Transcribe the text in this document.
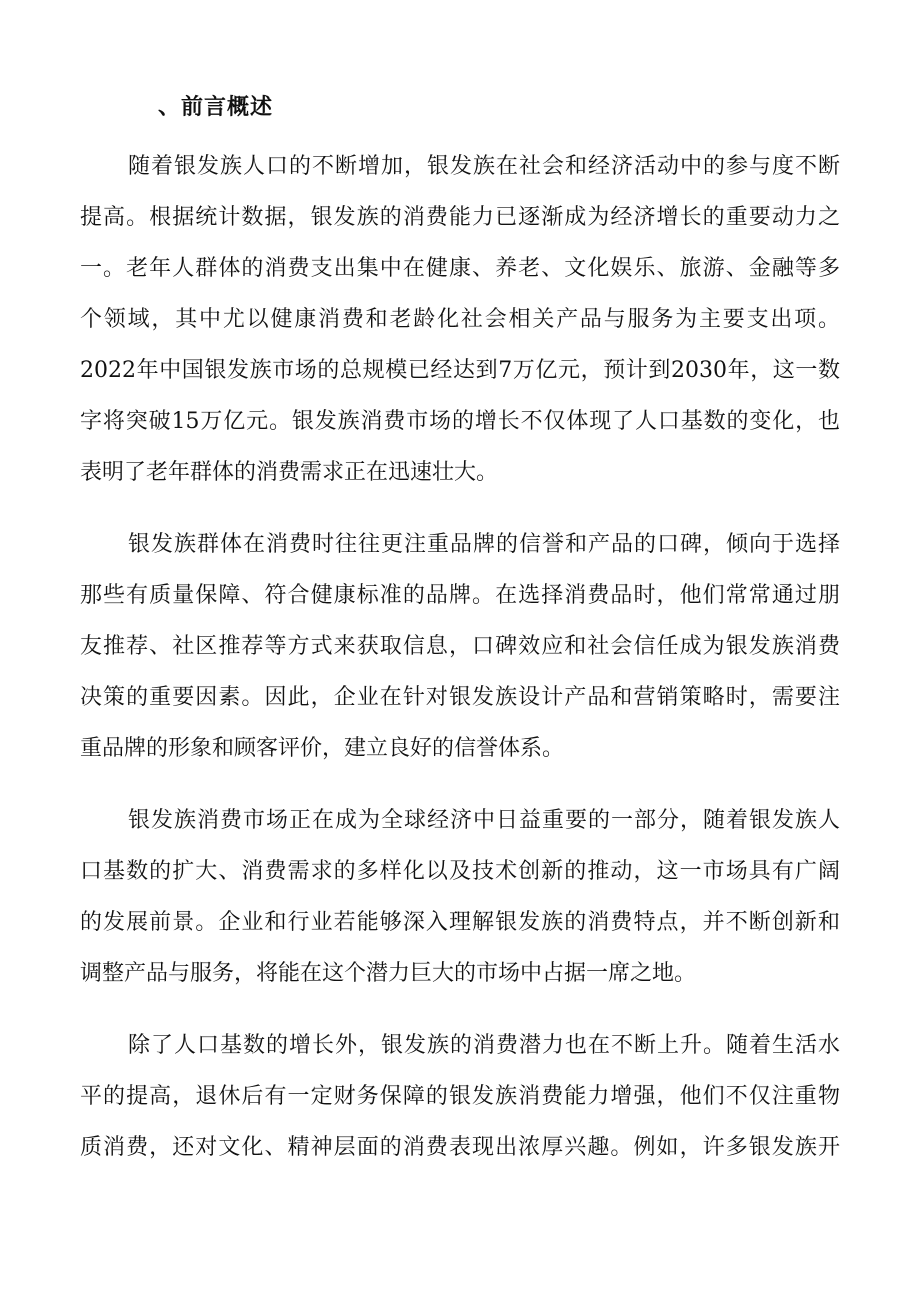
、前言概述
随着银发族人口的不断增加，银发族在社会和经济活动中的参与度不断
提高。根据统计数据，银发族的消费能力已逐渐成为经济增长的重要动力之
一。老年人群体的消费支出集中在健康、养老、文化娱乐、旅游、金融等多
个领域，其中尤以健康消费和老龄化社会相关产品与服务为主要支出项。
2022年中国银发族市场的总规模已经达到7万亿元，预计到2030年，这一数
字将突破15万亿元。银发族消费市场的增长不仅体现了人口基数的变化，也
表明了老年群体的消费需求正在迅速壮大。
银发族群体在消费时往往更注重品牌的信誉和产品的口碑，倾向于选择
那些有质量保障、符合健康标准的品牌。在选择消费品时，他们常常通过朋
友推荐、社区推荐等方式来获取信息，口碑效应和社会信任成为银发族消费
决策的重要因素。因此，企业在针对银发族设计产品和营销策略时，需要注
重品牌的形象和顾客评价，建立良好的信誉体系。
银发族消费市场正在成为全球经济中日益重要的一部分，随着银发族人
口基数的扩大、消费需求的多样化以及技术创新的推动，这一市场具有广阔
的发展前景。企业和行业若能够深入理解银发族的消费特点，并不断创新和
调整产品与服务，将能在这个潜力巨大的市场中占据一席之地。
除了人口基数的增长外，银发族的消费潜力也在不断上升。随着生活水
平的提高，退休后有一定财务保障的银发族消费能力增强，他们不仅注重物
质消费，还对文化、精神层面的消费表现出浓厚兴趣。例如，许多银发族开
